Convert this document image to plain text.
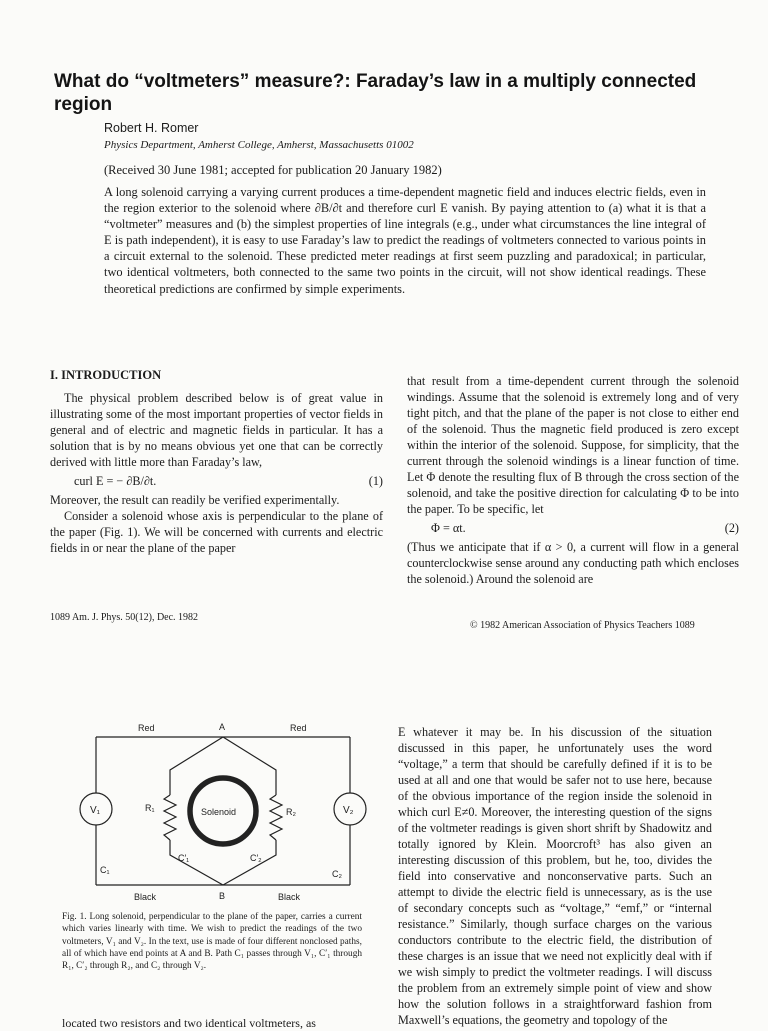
What do “voltmeters” measure?: Faraday’s law in a multiply connected region
Robert H. Romer
Physics Department, Amherst College, Amherst, Massachusetts 01002
(Received 30 June 1981; accepted for publication 20 January 1982)
A long solenoid carrying a varying current produces a time-dependent magnetic field and induces electric fields, even in the region exterior to the solenoid where ∂B/∂t and therefore curl E vanish. By paying attention to (a) what it is that a “voltmeter” measures and (b) the simplest properties of line integrals (e.g., under what circumstances the line integral of E is path independent), it is easy to use Faraday’s law to predict the readings of voltmeters connected to various points in a circuit external to the solenoid. These predicted meter readings at first seem puzzling and paradoxical; in particular, two identical voltmeters, both connected to the same two points in the circuit, will not show identical readings. These theoretical predictions are confirmed by simple experiments.
I. INTRODUCTION

The physical problem described below is of great value in illustrating some of the most important properties of vector fields in general and of electric and magnetic fields in particular. It has a solution that is by no means obvious yet one that can be correctly derived with little more than Faraday’s law,

curl E = − ∂B/∂t.	(1)

Moreover, the result can readily be verified experimentally.

Consider a solenoid whose axis is perpendicular to the plane of the paper (Fig. 1). We will be concerned with currents and electric fields in or near the plane of the paper

that result from a time-dependent current through the solenoid windings. Assume that the solenoid is extremely long and of very tight pitch, and that the plane of the paper is not close to either end of the solenoid. Thus the magnetic field produced is zero except within the interior of the solenoid. Suppose, for simplicity, that the current through the solenoid windings is a linear function of time. Let Φ denote the resulting flux of B through the cross section of the solenoid, and take the positive direction for calculating Φ to be into the paper. To be specific, let

Φ = αt.	(2)

(Thus we anticipate that if α > 0, a current will flow in a general counterclockwise sense around any conducting path which encloses the solenoid.) Around the solenoid are

1089 Am. J. Phys. 50(12), Dec. 1982
© 1982 American Association of Physics Teachers 1089
Red	Red
A
B
Black	Black
V₁	V₂
R₁	R₂
Solenoid
C₁	C₂
C′₁	C′₂
Fig. 1. Long solenoid, perpendicular to the plane of the paper, carries a current which varies linearly with time. We wish to predict the readings of the two voltmeters, V₁ and V₂. In the text, use is made of four different nonclosed paths, all of which have end points at A and B. Path C₁ passes through V₁, C′₁ through R₁, C′₂ through R₂, and C₂ through V₂.

E whatever it may be. In his discussion of the situation discussed in this paper, he unfortunately uses the word “voltage,” a term that should be carefully defined if it is to be used at all and one that would be safer not to use here, because of the obvious importance of the region inside the solenoid in which curl E≠0. Moreover, the interesting question of the signs of the voltmeter readings is given short shrift by Shadowitz and totally ignored by Klein. Moorcroft³ has also given an interesting discussion of this problem, but he, too, divides the field into conservative and nonconservative parts. Such an attempt to divide the electric field is unnecessary, as is the use of secondary concepts such as “voltage,” “emf,” or “internal resistance.” Similarly, though surface charges on the various conductors contribute to the electric field, the distribution of these charges is an issue that we need not explicitly deal with if we wish simply to predict the voltmeter readings. I will discuss the problem from an extremely simple point of view and show how the solution follows in a straightforward fashion from Maxwell’s equations, the geometry and topology of the

located two resistors and two identical voltmeters, as
